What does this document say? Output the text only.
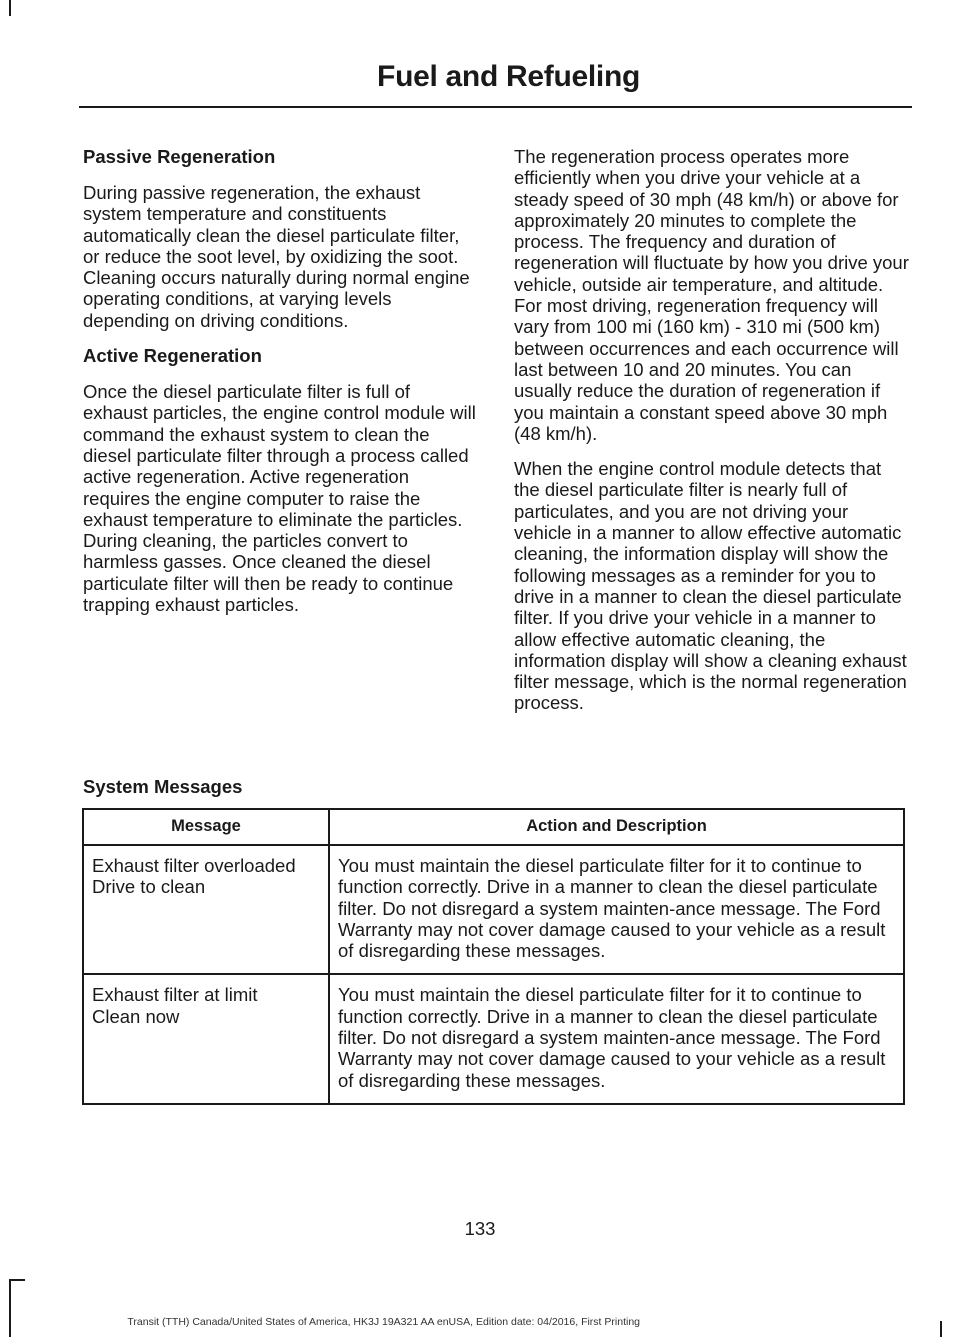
Fuel and Refueling
Passive Regeneration

During passive regeneration, the exhaust system temperature and constituents automatically clean the diesel particulate filter, or reduce the soot level, by oxidizing the soot. Cleaning occurs naturally during normal engine operating conditions, at varying levels depending on driving conditions.

Active Regeneration

Once the diesel particulate filter is full of exhaust particles, the engine control module will command the exhaust system to clean the diesel particulate filter through a process called active regeneration. Active regeneration requires the engine computer to raise the exhaust temperature to eliminate the particles. During cleaning, the particles convert to harmless gasses. Once cleaned the diesel particulate filter will then be ready to continue trapping exhaust particles.

The regeneration process operates more efficiently when you drive your vehicle at a steady speed of 30 mph (48 km/h) or above for approximately 20 minutes to complete the process. The frequency and duration of regeneration will fluctuate by how you drive your vehicle, outside air temperature, and altitude. For most driving, regeneration frequency will vary from 100 mi (160 km) - 310 mi (500 km) between occurrences and each occurrence will last between 10 and 20 minutes. You can usually reduce the duration of regeneration if you maintain a constant speed above 30 mph (48 km/h).

When the engine control module detects that the diesel particulate filter is nearly full of particulates, and you are not driving your vehicle in a manner to allow effective automatic cleaning, the information display will show the following messages as a reminder for you to drive in a manner to clean the diesel particulate filter. If you drive your vehicle in a manner to allow effective automatic cleaning, the information display will show a cleaning exhaust filter message, which is the normal regeneration process.

System Messages
Message	Action and Description

Exhaust filter overloaded
Drive to clean	You must maintain the diesel particulate filter for it to continue to function correctly. Drive in a manner to clean the diesel particulate filter. Do not disregard a system mainten-ance message. The Ford Warranty may not cover damage caused to your vehicle as a result of disregarding these messages.

Exhaust filter at limit
Clean now	You must maintain the diesel particulate filter for it to continue to function correctly. Drive in a manner to clean the diesel particulate filter. Do not disregard a system mainten-ance message. The Ford Warranty may not cover damage caused to your vehicle as a result of disregarding these messages.
133
Transit (TTH) Canada/United States of America, HK3J 19A321 AA enUSA, Edition date: 04/2016, First Printing
